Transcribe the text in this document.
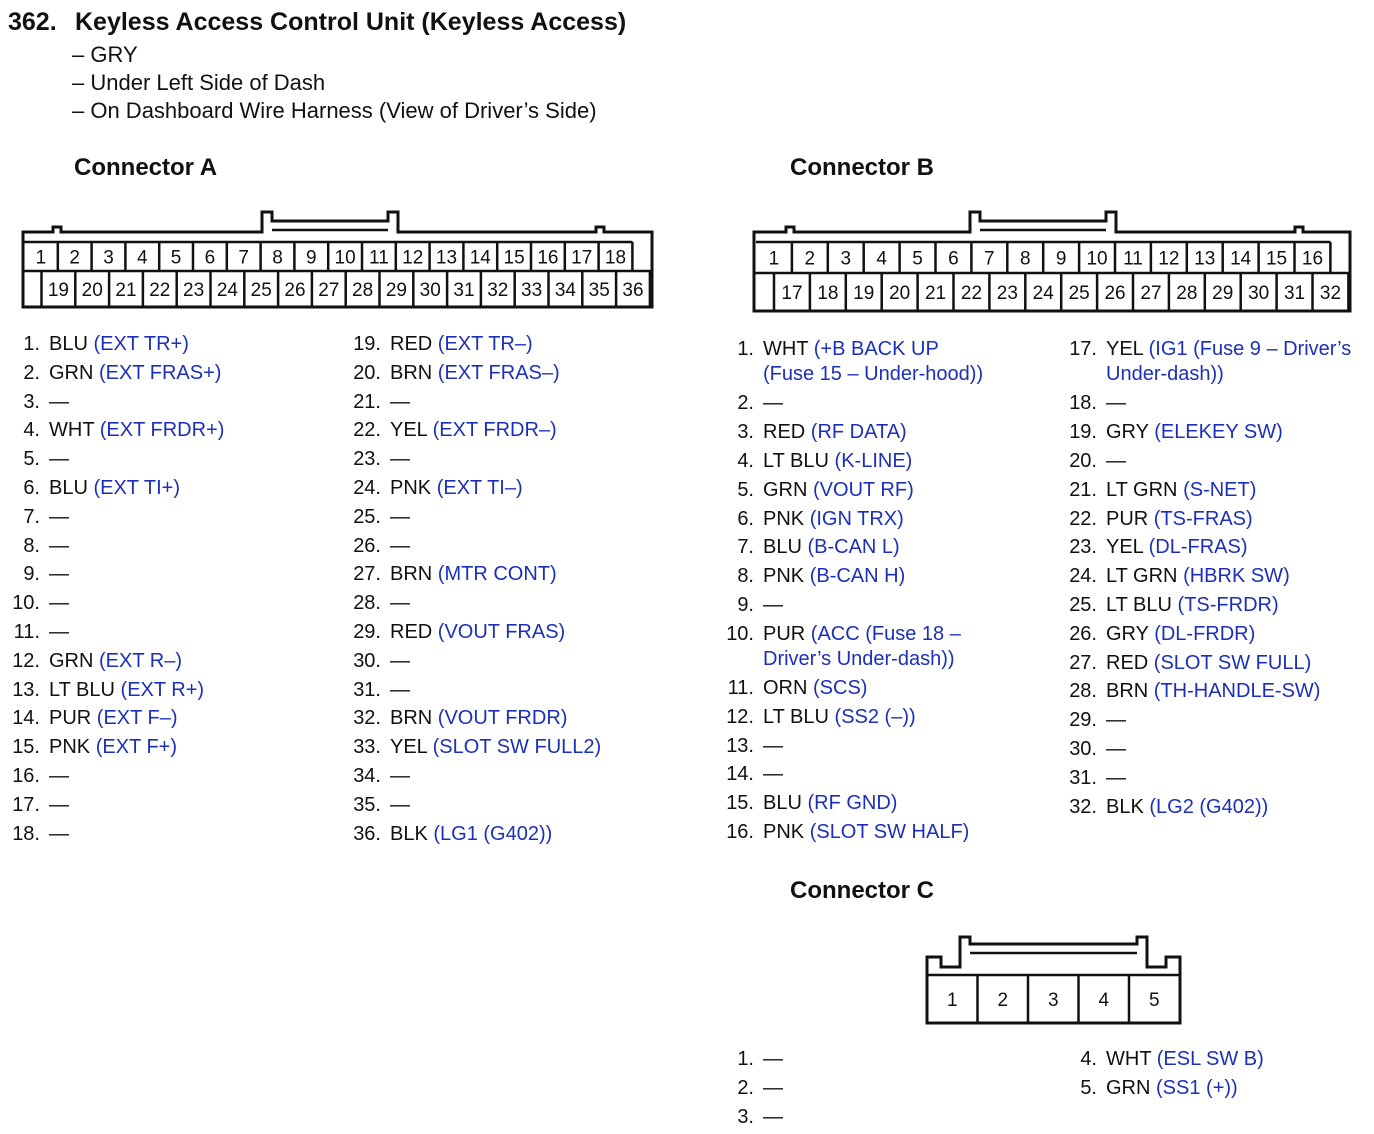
362. Keyless Access Control Unit (Keyless Access)
– GRY
– Under Left Side of Dash
– On Dashboard Wire Harness (View of Driver’s Side)
Connector A	Connector B
Connector C
1 2 3 4 5 6 7 8 9 10 11 12 13 14 15 16 17 18
19 20 21 22 23 24 25 26 27 28 29 30 31 32 33 34 35 36
1 2 3 4 5 6 7 8 9 10 11 12 13 14 15 16
17 18 19 20 21 22 23 24 25 26 27 28 29 30 31 32
1 2 3 4 5
1. BLU (EXT TR+)
2. GRN (EXT FRAS+)
3. —
4. WHT (EXT FRDR+)
5. —
6. BLU (EXT TI+)
7. —
8. —
9. —
10. —
11. —
12. GRN (EXT R–)
13. LT BLU (EXT R+)
14. PUR (EXT F–)
15. PNK (EXT F+)
16. —
17. —
18. —
19. RED (EXT TR–)
20. BRN (EXT FRAS–)
21. —
22. YEL (EXT FRDR–)
23. —
24. PNK (EXT TI–)
25. —
26. —
27. BRN (MTR CONT)
28. —
29. RED (VOUT FRAS)
30. —
31. —
32. BRN (VOUT FRDR)
33. YEL (SLOT SW FULL2)
34. —
35. —
36. BLK (LG1 (G402))
1. WHT (+B BACK UP
(Fuse 15 – Under-hood))
2. —
3. RED (RF DATA)
4. LT BLU (K-LINE)
5. GRN (VOUT RF)
6. PNK (IGN TRX)
7. BLU (B-CAN L)
8. PNK (B-CAN H)
9. —
10. PUR (ACC (Fuse 18 –
Driver’s Under-dash))
11. ORN (SCS)
12. LT BLU (SS2 (–))
13. —
14. —
15. BLU (RF GND)
16. PNK (SLOT SW HALF)
17. YEL (IG1 (Fuse 9 – Driver’s
Under-dash))
18. —
19. GRY (ELEKEY SW)
20. —
21. LT GRN (S-NET)
22. PUR (TS-FRAS)
23. YEL (DL-FRAS)
24. LT GRN (HBRK SW)
25. LT BLU (TS-FRDR)
26. GRY (DL-FRDR)
27. RED (SLOT SW FULL)
28. BRN (TH-HANDLE-SW)
29. —
30. —
31. —
32. BLK (LG2 (G402))
1. —
2. —
3. —
4. WHT (ESL SW B)
5. GRN (SS1 (+))
